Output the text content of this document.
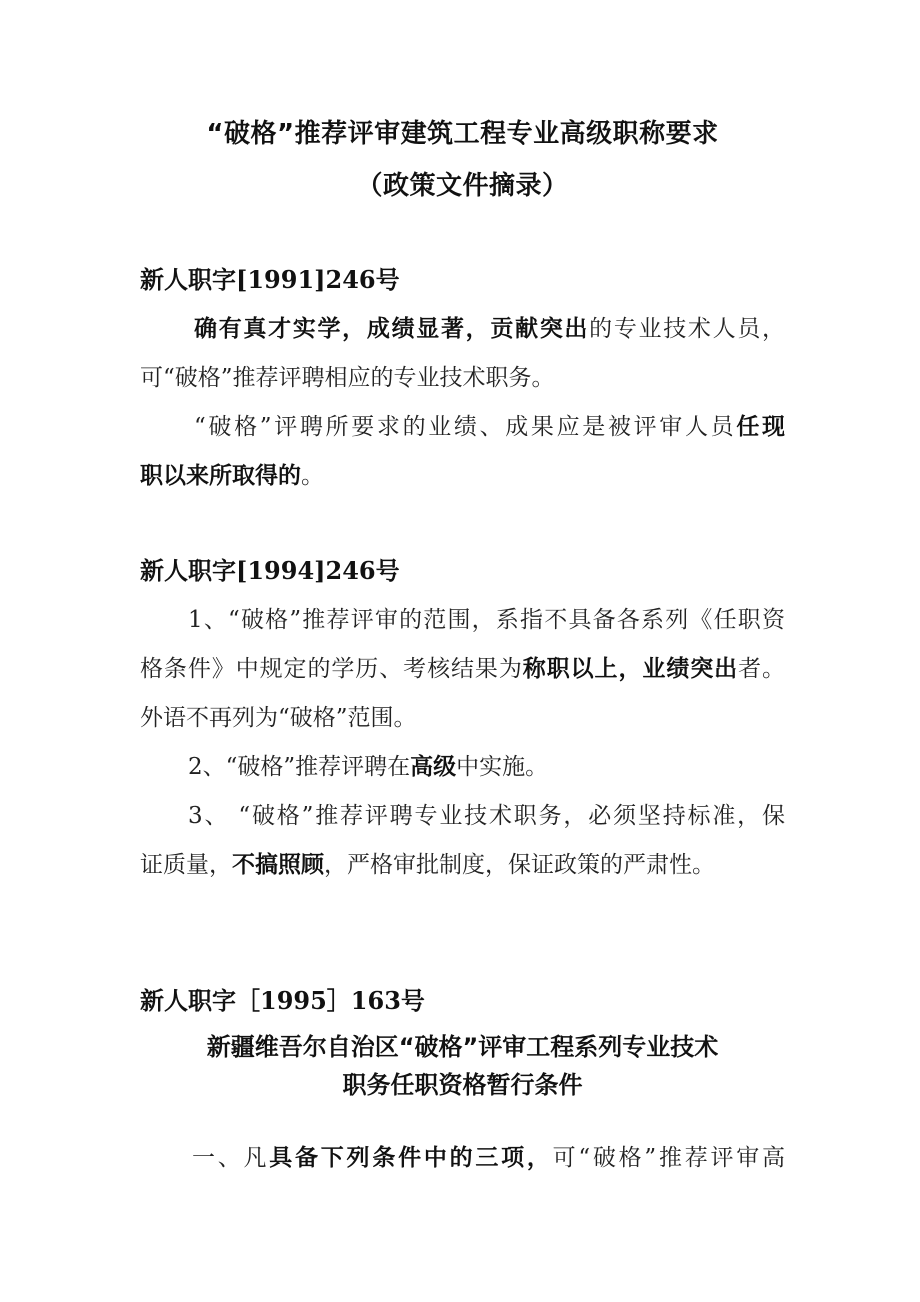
“破格”推荐评审建筑工程专业高级职称要求
（政策文件摘录）
新人职字[1991]246号
确有真才实学，成绩显著，贡献突出的专业技术人员，
可“破格”推荐评聘相应的专业技术职务。
“破格”评聘所要求的业绩、成果应是被评审人员任现
职以来所取得的。
新人职字[1994]246号
1、“破格”推荐评审的范围，系指不具备各系列《任职资
格条件》中规定的学历、考核结果为称职以上，业绩突出者。
外语不再列为“破格”范围。
2、“破格”推荐评聘在高级中实施。
3、 “破格”推荐评聘专业技术职务，必须坚持标准，保
证质量，不搞照顾，严格审批制度，保证政策的严肃性。
新人职字［1995］163号
新疆维吾尔自治区“破格”评审工程系列专业技术
职务任职资格暂行条件
一、凡具备下列条件中的三项，可“破格”推荐评审高
